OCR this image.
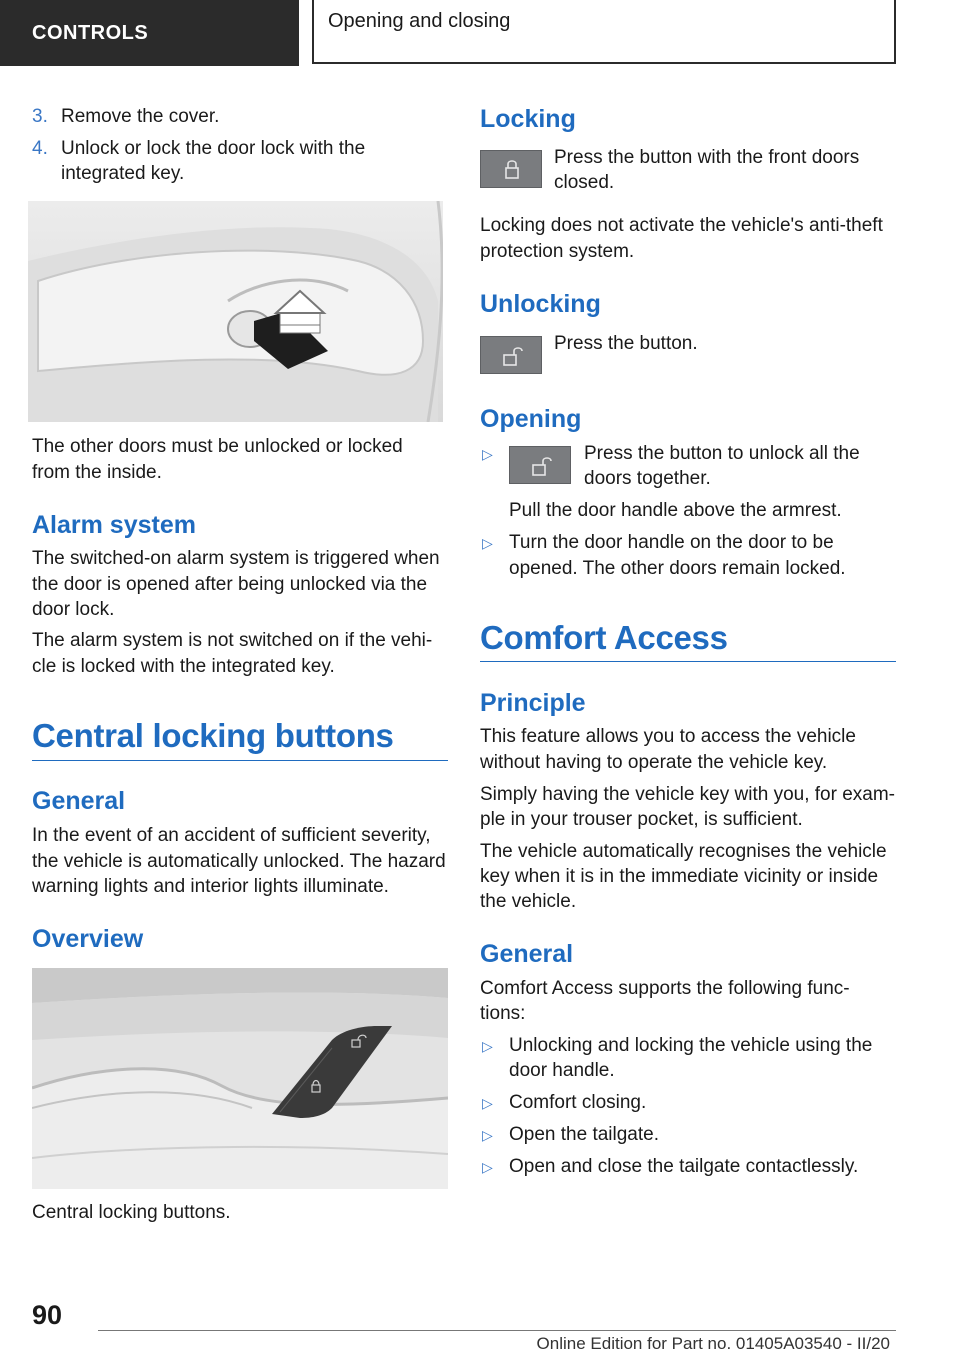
CONTROLS
Opening and closing
3. Remove the cover.
4. Unlock or lock the door lock with the
integrated key.
The other doors must be unlocked or locked
from the inside.
Alarm system
The switched-on alarm system is triggered when
the door is opened after being unlocked via the
door lock.
The alarm system is not switched on if the vehi‐
cle is locked with the integrated key.
Central locking buttons
General
In the event of an accident of sufficient severity,
the vehicle is automatically unlocked. The hazard
warning lights and interior lights illuminate.
Overview
Central locking buttons.
Locking
Press the button with the front doors
closed.
Locking does not activate the vehicle's anti-theft
protection system.
Unlocking
Press the button.
Opening
▷	Press the button to unlock all the
doors together.
Pull the door handle above the armrest.
▷ Turn the door handle on the door to be
opened. The other doors remain locked.
Comfort Access
Principle
This feature allows you to access the vehicle
without having to operate the vehicle key.
Simply having the vehicle key with you, for exam‐
ple in your trouser pocket, is sufficient.
The vehicle automatically recognises the vehicle
key when it is in the immediate vicinity or inside
the vehicle.
General
Comfort Access supports the following func‐
tions:
▷ Unlocking and locking the vehicle using the
door handle.
▷ Comfort closing.
▷ Open the tailgate.
▷ Open and close the tailgate contactlessly.
90
Online Edition for Part no. 01405A03540 - II/20
